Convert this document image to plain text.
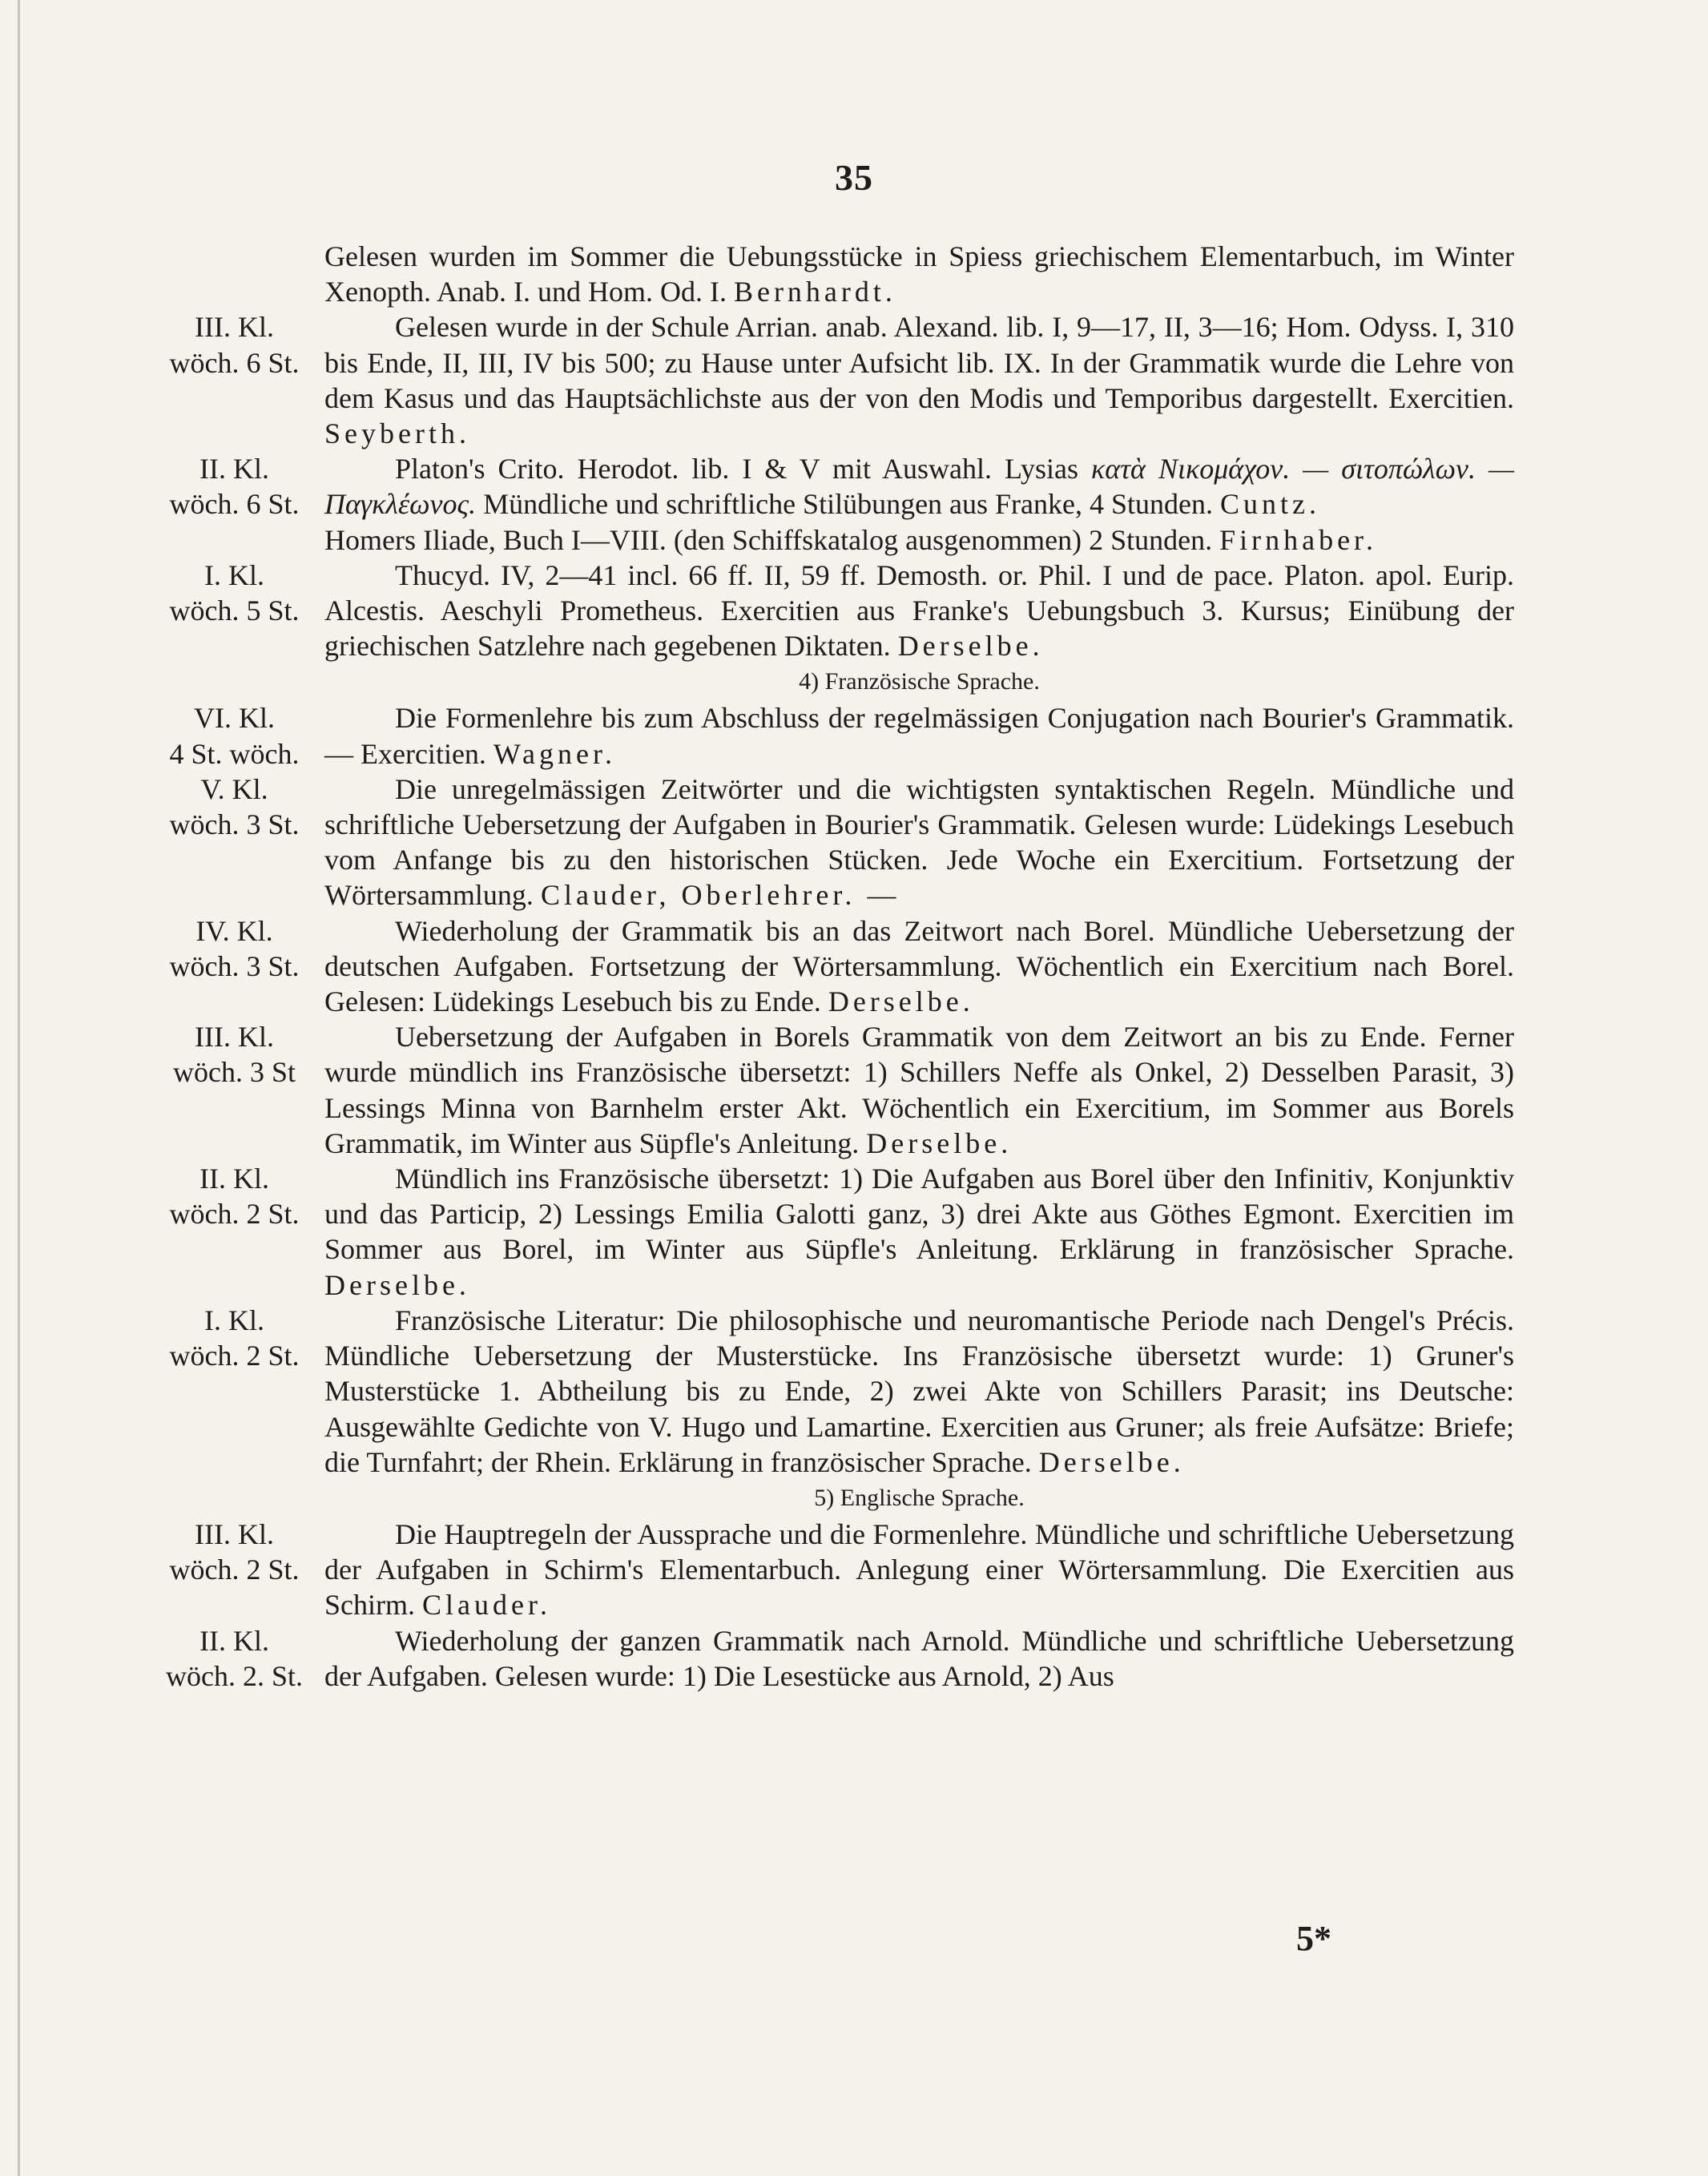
35
Gelesen wurden im Sommer die Uebungsstücke in Spiess griechischem Elementarbuch, im Winter Xenopth. Anab. I. und Hom. Od. I. Bernhardt.
III. Kl.
wöch. 6 St.
Gelesen wurde in der Schule Arrian. anab. Alexand. lib. I, 9—17, II, 3—16; Hom. Odyss. I, 310 bis Ende, II, III, IV bis 500; zu Hause unter Aufsicht lib. IX. In der Grammatik wurde die Lehre von dem Kasus und das Hauptsächlichste aus der von den Modis und Temporibus dargestellt. Exercitien. Seyberth.
II. Kl.
wöch. 6 St.
Platon's Crito. Herodot. lib. I & V mit Auswahl. Lysias κατὰ Νικομάχον. — σιτοπώλων. — Παγκλέωνος. Mündliche und schriftliche Stilübungen aus Franke, 4 Stunden. Cuntz.
Homers Iliade, Buch I—VIII. (den Schiffskatalog ausgenommen) 2 Stunden. Firnhaber.
I. Kl.
wöch. 5 St.
Thucyd. IV, 2—41 incl. 66 ff. II, 59 ff. Demosth. or. Phil. I und de pace. Platon. apol. Eurip. Alcestis. Aeschyli Prometheus. Exercitien aus Franke's Uebungsbuch 3. Kursus; Einübung der griechischen Satzlehre nach gegebenen Diktaten. Derselbe.
4) Französische Sprache.
VI. Kl.
4 St. wöch.
Die Formenlehre bis zum Abschluss der regelmässigen Conjugation nach Bourier's Grammatik. — Exercitien. Wagner.
V. Kl.
wöch. 3 St.
Die unregelmässigen Zeitwörter und die wichtigsten syntaktischen Regeln. Mündliche und schriftliche Uebersetzung der Aufgaben in Bourier's Grammatik. Gelesen wurde: Lüdekings Lesebuch vom Anfange bis zu den historischen Stücken. Jede Woche ein Exercitium. Fortsetzung der Wörtersammlung. Clauder, Oberlehrer. —
IV. Kl.
wöch. 3 St.
Wiederholung der Grammatik bis an das Zeitwort nach Borel. Mündliche Uebersetzung der deutschen Aufgaben. Fortsetzung der Wörtersammlung. Wöchentlich ein Exercitium nach Borel. Gelesen: Lüdekings Lesebuch bis zu Ende. Derselbe.
III. Kl.
wöch. 3 St
Uebersetzung der Aufgaben in Borels Grammatik von dem Zeitwort an bis zu Ende. Ferner wurde mündlich ins Französische übersetzt: 1) Schillers Neffe als Onkel, 2) Desselben Parasit, 3) Lessings Minna von Barnhelm erster Akt. Wöchentlich ein Exercitium, im Sommer aus Borels Grammatik, im Winter aus Süpfle's Anleitung. Derselbe.
II. Kl.
wöch. 2 St.
Mündlich ins Französische übersetzt: 1) Die Aufgaben aus Borel über den Infinitiv, Konjunktiv und das Particip, 2) Lessings Emilia Galotti ganz, 3) drei Akte aus Göthes Egmont. Exercitien im Sommer aus Borel, im Winter aus Süpfle's Anleitung. Erklärung in französischer Sprache. Derselbe.
I. Kl.
wöch. 2 St.
Französische Literatur: Die philosophische und neuromantische Periode nach Dengel's Précis. Mündliche Uebersetzung der Musterstücke. Ins Französische übersetzt wurde: 1) Gruner's Musterstücke 1. Abtheilung bis zu Ende, 2) zwei Akte von Schillers Parasit; ins Deutsche: Ausgewählte Gedichte von V. Hugo und Lamartine. Exercitien aus Gruner; als freie Aufsätze: Briefe; die Turnfahrt; der Rhein. Erklärung in französischer Sprache. Derselbe.
5) Englische Sprache.
III. Kl.
wöch. 2 St.
Die Hauptregeln der Aussprache und die Formenlehre. Mündliche und schriftliche Uebersetzung der Aufgaben in Schirm's Elementarbuch. Anlegung einer Wörtersammlung. Die Exercitien aus Schirm. Clauder.
II. Kl.
wöch. 2. St.
Wiederholung der ganzen Grammatik nach Arnold. Mündliche und schriftliche Uebersetzung der Aufgaben. Gelesen wurde: 1) Die Lesestücke aus Arnold, 2) Aus
5*
